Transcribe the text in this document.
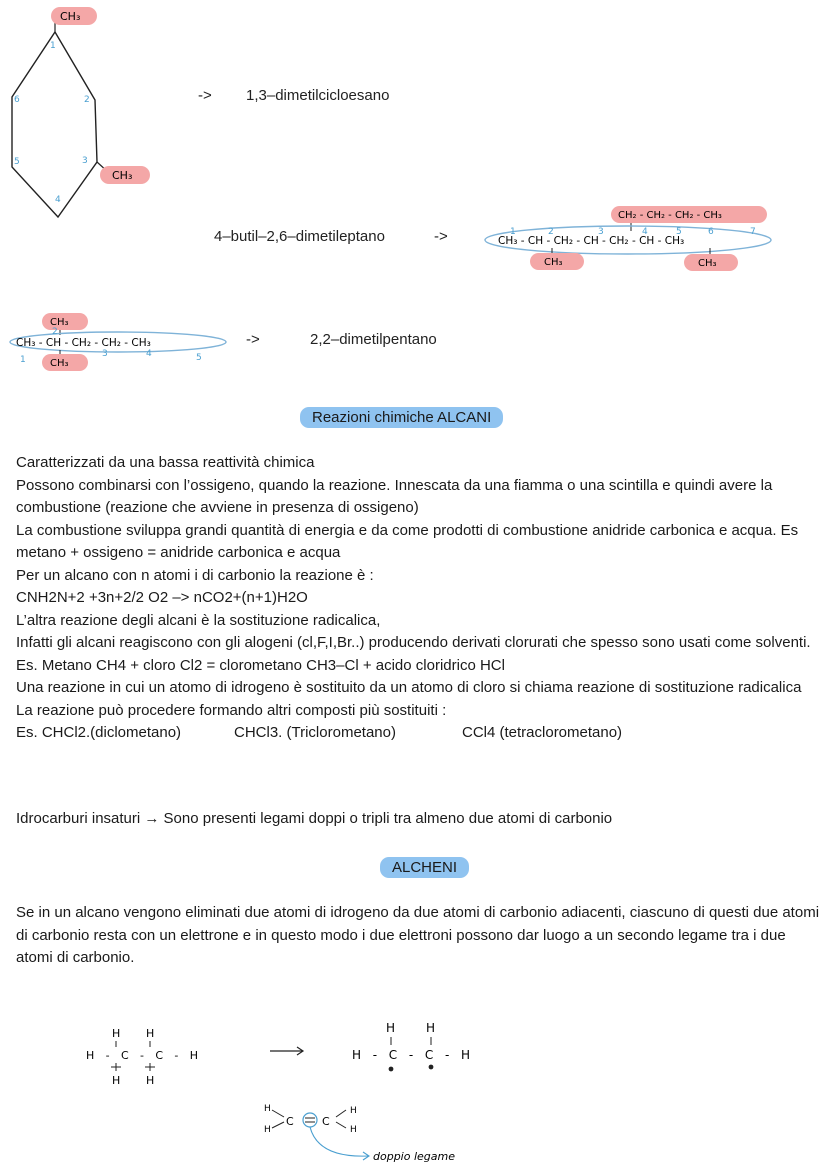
CH₃
CH₃
1
2
3
4
5
6	-> 1,3–dimetilcicloesano
4–butil–2,6–dimetileptano	->
CH₂ - CH₂ - CH₂ - CH₃
CH₃ - CH - CH₂ - CH - CH₂ - CH - CH₃
CH₃	CH₃
1	2	3	4	5	6	7
CH₃
CH₃ - CH - CH₂ - CH₂ - CH₃
CH₃
1
2
3	4	5
->	2,2–dimetilpentano
Reazioni chimiche ALCANI

Caratterizzati da una bassa reattività chimica

Possono combinarsi con l’ossigeno, quando la reazione. Innescata da una fiamma o una scintilla e quindi avere la combustione (reazione che avviene in presenza di ossigeno)

La combustione sviluppa grandi quantità di energia e da come prodotti di combustione anidride carbonica e acqua. Es metano + ossigeno = anidride carbonica e acqua

Per un alcano con n atomi i di carbonio la reazione è :

CNH2N+2 +3n+2/2 O2 –> nCO2+(n+1)H2O

L’altra reazione degli alcani è la sostituzione radicalica,

Infatti gli alcani reagiscono con gli alogeni (cl,F,I,Br..) producendo derivati clorurati che spesso sono usati come solventi.

Es. Metano CH4 + cloro Cl2 = clorometano CH3–Cl + acido cloridrico HCl

Una reazione in cui un atomo di idrogeno è sostituito da un atomo di cloro si chiama reazione di sostituzione radicalica

La reazione può procedere formando altri composti più sostituiti :

Es. CHCl2.(diclometano)	CHCl3. (Triclorometano)	CCl4 (tetraclorometano)

Idrocarburi insaturi → Sono presenti legami doppi o tripli tra almeno due atomi di carbonio
ALCHENI
Se in un alcano vengono eliminati due atomi di idrogeno da due atomi di carbonio adiacenti, ciascuno di questi due atomi di carbonio resta con un elettrone e in questo modo i due elettroni possono dar luogo a un secondo legame tra i due atomi di carbonio.
H H
H - C - C - H
H H
H	H
H - C - C - H
H
H
C	C
H
H
doppio legame
